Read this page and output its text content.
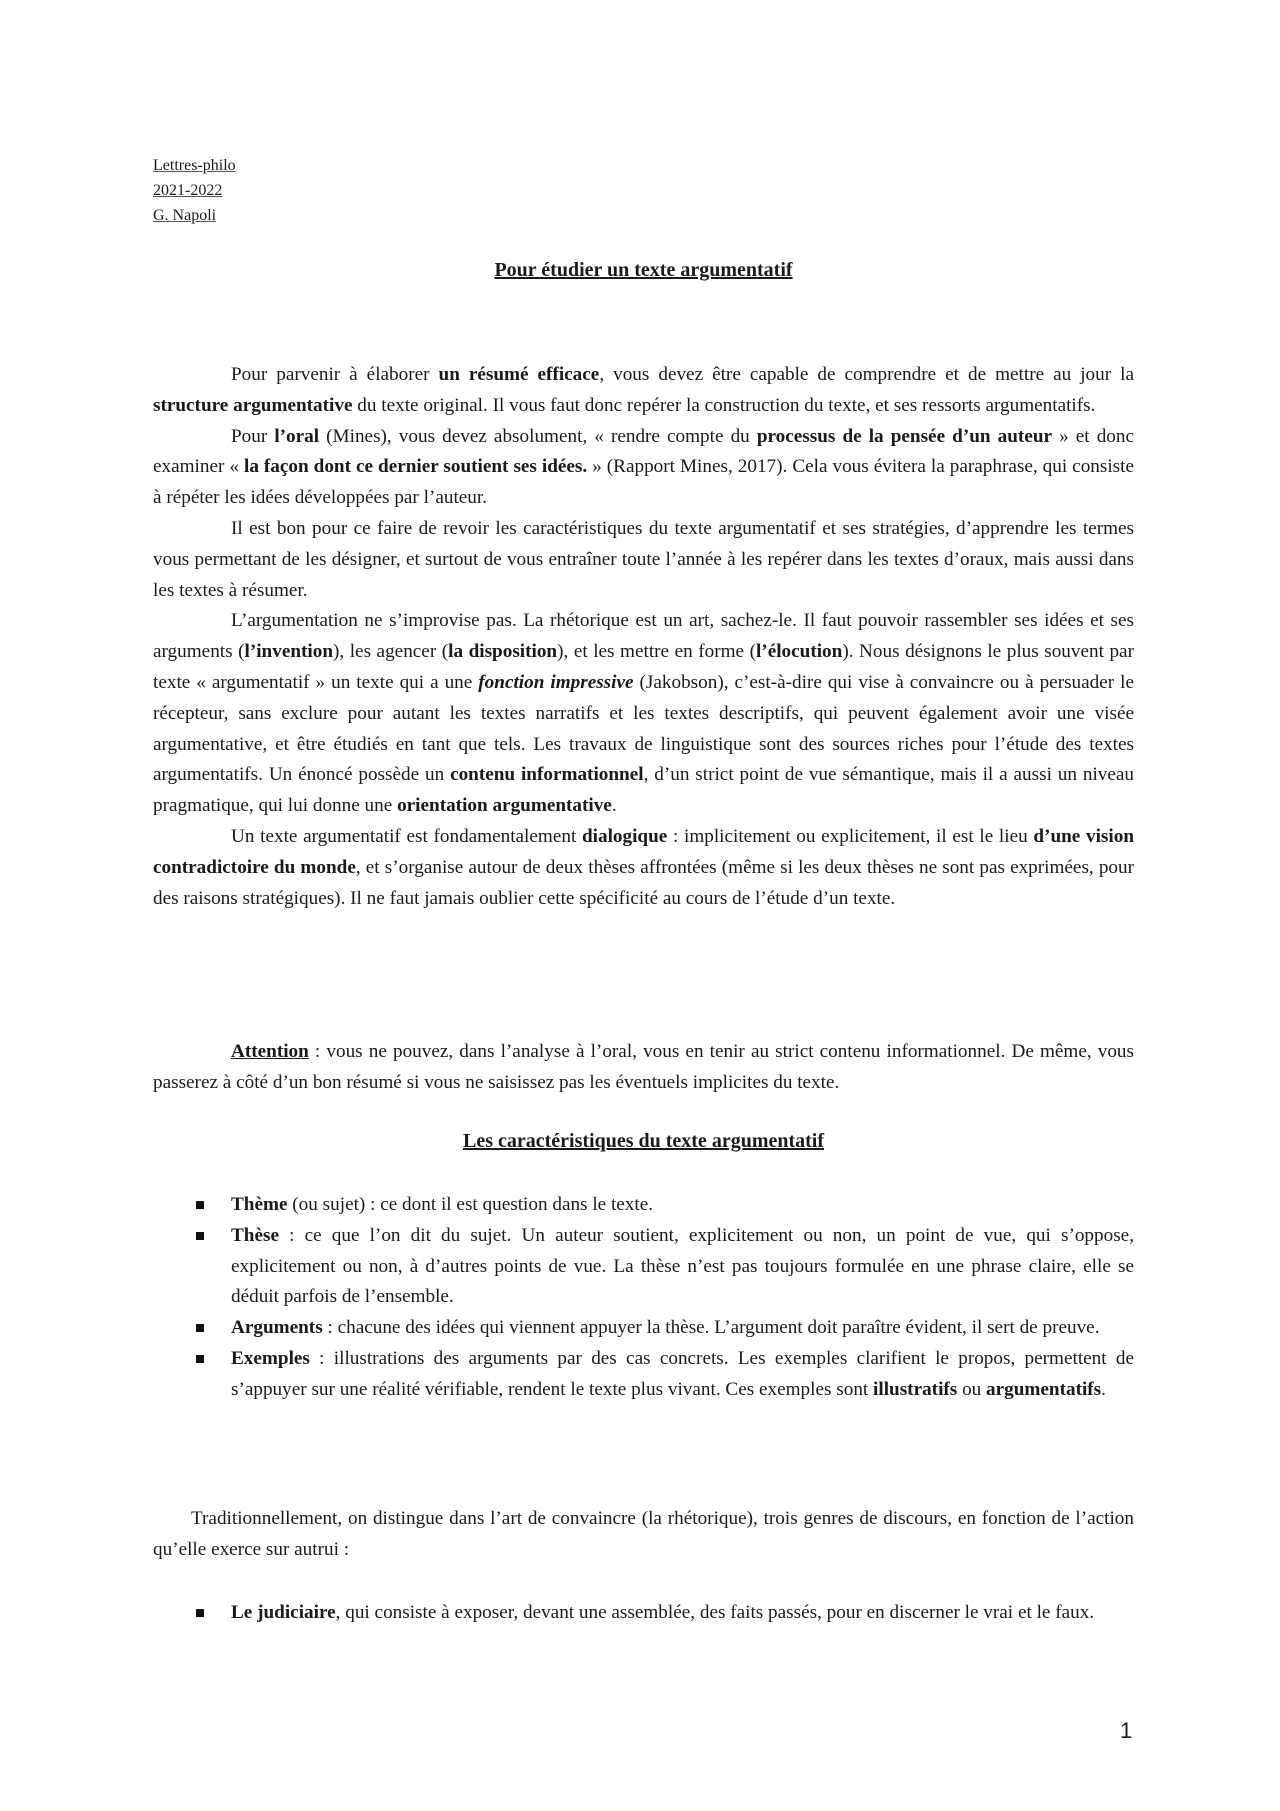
Lettres-philo
2021-2022
G. Napoli
Pour étudier un texte argumentatif

Pour parvenir à élaborer un résumé efficace, vous devez être capable de comprendre et de mettre au jour la structure argumentative du texte original. Il vous faut donc repérer la construction du texte, et ses ressorts argumentatifs.

Pour l’oral (Mines), vous devez absolument, « rendre compte du processus de la pensée d’un auteur » et donc examiner « la façon dont ce dernier soutient ses idées. » (Rapport Mines, 2017). Cela vous évitera la paraphrase, qui consiste à répéter les idées développées par l’auteur.

Il est bon pour ce faire de revoir les caractéristiques du texte argumentatif et ses stratégies, d’apprendre les termes vous permettant de les désigner, et surtout de vous entraîner toute l’année à les repérer dans les textes d’oraux, mais aussi dans les textes à résumer.

L’argumentation ne s’improvise pas. La rhétorique est un art, sachez-le. Il faut pouvoir rassembler ses idées et ses arguments (l’invention), les agencer (la disposition), et les mettre en forme (l’élocution). Nous désignons le plus souvent par texte « argumentatif » un texte qui a une fonction impressive (Jakobson), c’est-à-dire qui vise à convaincre ou à persuader le récepteur, sans exclure pour autant les textes narratifs et les textes descriptifs, qui peuvent également avoir une visée argumentative, et être étudiés en tant que tels. Les travaux de linguistique sont des sources riches pour l’étude des textes argumentatifs. Un énoncé possède un contenu informationnel, d’un strict point de vue sémantique, mais il a aussi un niveau pragmatique, qui lui donne une orientation argumentative.

Un texte argumentatif est fondamentalement dialogique : implicitement ou explicitement, il est le lieu d’une vision contradictoire du monde, et s’organise autour de deux thèses affrontées (même si les deux thèses ne sont pas exprimées, pour des raisons stratégiques). Il ne faut jamais oublier cette spécificité au cours de l’étude d’un texte.

Attention : vous ne pouvez, dans l’analyse à l’oral, vous en tenir au strict contenu informationnel. De même, vous passerez à côté d’un bon résumé si vous ne saisissez pas les éventuels implicites du texte.

Les caractéristiques du texte argumentatif
Thème (ou sujet) : ce dont il est question dans le texte.
Thèse : ce que l’on dit du sujet. Un auteur soutient, explicitement ou non, un point de vue, qui s’oppose, explicitement ou non, à d’autres points de vue. La thèse n’est pas toujours formulée en une phrase claire, elle se déduit parfois de l’ensemble.
Arguments : chacune des idées qui viennent appuyer la thèse. L’argument doit paraître évident, il sert de preuve.
Exemples : illustrations des arguments par des cas concrets. Les exemples clarifient le propos, permettent de s’appuyer sur une réalité vérifiable, rendent le texte plus vivant. Ces exemples sont illustratifs ou argumentatifs.

Traditionnellement, on distingue dans l’art de convaincre (la rhétorique), trois genres de discours, en fonction de l’action qu’elle exerce sur autrui :

Le judiciaire, qui consiste à exposer, devant une assemblée, des faits passés, pour en discerner le vrai et le faux.
1
